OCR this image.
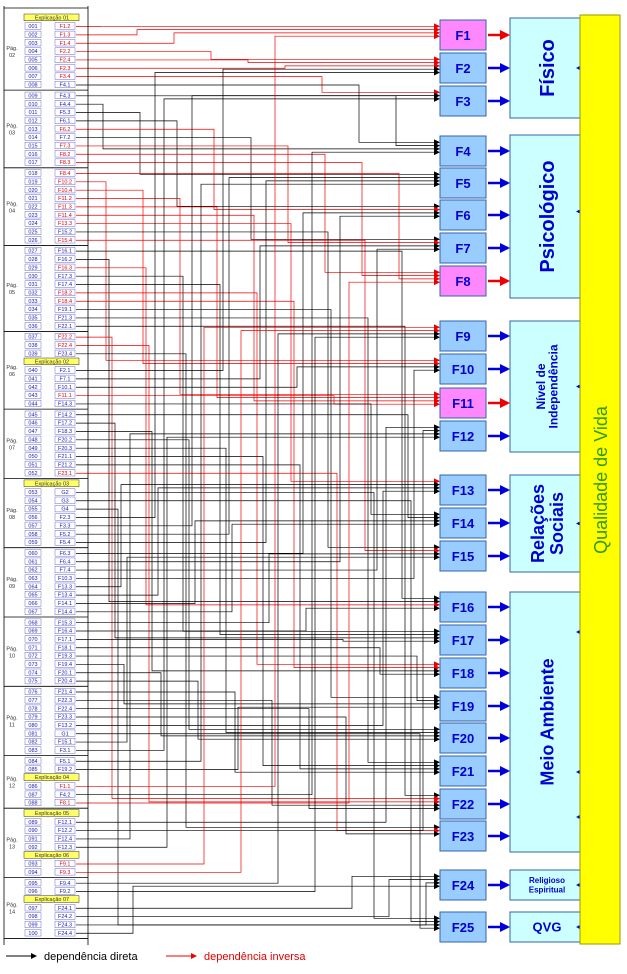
Explicação 01
001	F1.2
002	F1.3
003	F1.4
004	F2.2
005	F2.4
006	F2.3
007	F3.4
008	F4.1
Pág.
02
009	F4.3
010	F4.4
011	F5.3
012	F6.1
013	F6.2
014	F7.2
015	F7.3
016	F8.2
017	F8.3
Pág.
03
018	F8.4
019	F10.2
020	F10.4
021	F11.2
022	F11.3
023	F11.4
024	F13.3
025	F15.2
026	F15.4
Pág.
04
027	F16.1
028	F16.2
029	F16.3
030	F17.3
031	F17.4
032	F18.2
033	F18.4
034	F19.1
035	F21.3
036	F22.1
Pág.
05
037	F22.2
038	F22.4
039	F23.4
Explicação 02
040	F2.1
041	F7.1
042	F10.1
043	F11.1
044	F14.3
Pág.
06
045	F14.2
046	F17.2
047	F18.3
048	F20.2
049	F20.3
050	F21.1
051	F21.2
052	F23.1
Pág.
07
Explicação 03
053	G2
054	G3
055	G4
056	F2.3
057	F3.3
058	F5.2
059	F5.4
Pág.
08
060	F6.3
061	F6.4
062	F7.4
063	F10.3
064	F13.3
065	F13.4
066	F14.1
067	F14.4
Pág.
09
068	F15.3
069	F16.4
070	F17.1
071	F18.1
072	F19.3
073	F19.4
074	F20.1
075	F20.4
Pág.
10
076	F21.4
077	F22.3
078	F22.4
079	F23.3
080	F13.2
081	G1
082	F15.1
083	F3.1
Pág.
11
084	F5.1
085	F19.2
Explicação 04
086	F1.1
087	F4.2
088	F8.1
Pág.
12
Explicação 05
089	F12.1
090	F12.2
091	F12.4
092	F12.3
Explicação 06
093	F9.1
094	F9.3
Pág.
13
095	F9.4
096	F9.2
Explicação 07
097	F24.1
098	F24.2
099	F24.3
100	F24.4
Pág.
14
F1
F2
F3
F4
F5
F6
F7
F8
F9
F10
F11
F12
F13
F14
F15
F16
F17
F18
F19
F20
F21
F22
F23
F24
F25
Físico
Psicológico
Nível de
Independência
Relações
Sociais
Meio Ambiente
Religioso
Espiritual
QVG
Qualidade de Vida
dependência direta	dependência inversa
